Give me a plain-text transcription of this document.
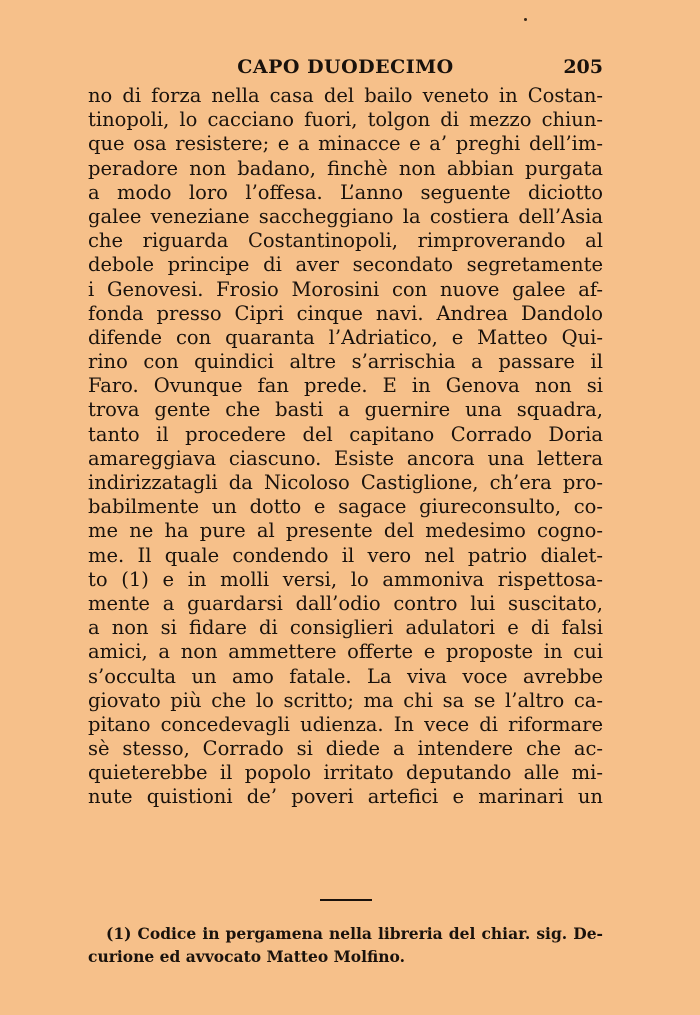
CAPO DUODECIMO	205
no di forza nella casa del bailo veneto in Costan-
tinopoli, lo cacciano fuori, tolgon di mezzo chiun-
que osa resistere; e a minacce e a’ preghi dell’im-
peradore non badano, finchè non abbian purgata
a modo loro l’offesa. L’anno seguente diciotto
galee veneziane saccheggiano la costiera dell’Asia
che riguarda Costantinopoli, rimproverando al
debole principe di aver secondato segretamente
i Genovesi. Frosio Morosini con nuove galee af-
fonda presso Cipri cinque navi. Andrea Dandolo
difende con quaranta l’Adriatico, e Matteo Qui-
rino con quindici altre s’arrischia a passare il
Faro. Ovunque fan prede. E in Genova non si
trova gente che basti a guernire una squadra,
tanto il procedere del capitano Corrado Doria
amareggiava ciascuno. Esiste ancora una lettera
indirizzatagli da Nicoloso Castiglione, ch’era pro-
babilmente un dotto e sagace giureconsulto, co-
me ne ha pure al presente del medesimo cogno-
me. Il quale condendo il vero nel patrio dialet-
to (1) e in molli versi, lo ammoniva rispettosa-
mente a guardarsi dall’odio contro lui suscitato,
a non si fidare di consiglieri adulatori e di falsi
amici, a non ammettere offerte e proposte in cui
s’occulta un amo fatale. La viva voce avrebbe
giovato più che lo scritto; ma chi sa se l’altro ca-
pitano concedevagli udienza. In vece di riformare
sè stesso, Corrado si diede a intendere che ac-
quieterebbe il popolo irritato deputando alle mi-
nute quistioni de’ poveri artefici e marinari un
(1) Codice in pergamena nella libreria del chiar. sig. De-
curione ed avvocato Matteo Molfino.
